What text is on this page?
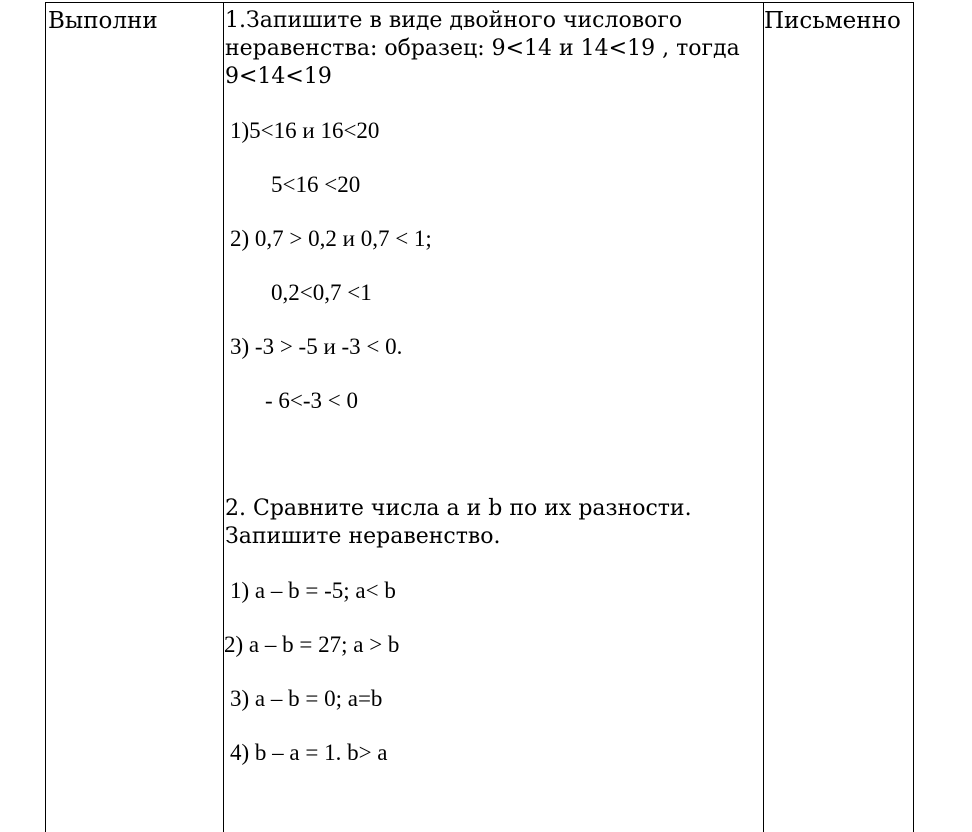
Выполни	Письменно
1.Запишите в виде двойного числового
неравенства: образец: 9<14 и 14<19 , тогда
9<14<19
1)5<16 и 16<20
5<16 <20
2) 0,7 > 0,2 и 0,7 < 1;
0,2<0,7 <1
3) -3 > -5 и -3 < 0.
- 6<-3 < 0
2. Сравните числа a и b по их разности.
Запишите неравенство.
1) a – b = -5; a< b
2) a – b = 27; a > b
3) a – b = 0; a=b
4) b – a = 1. b> a
